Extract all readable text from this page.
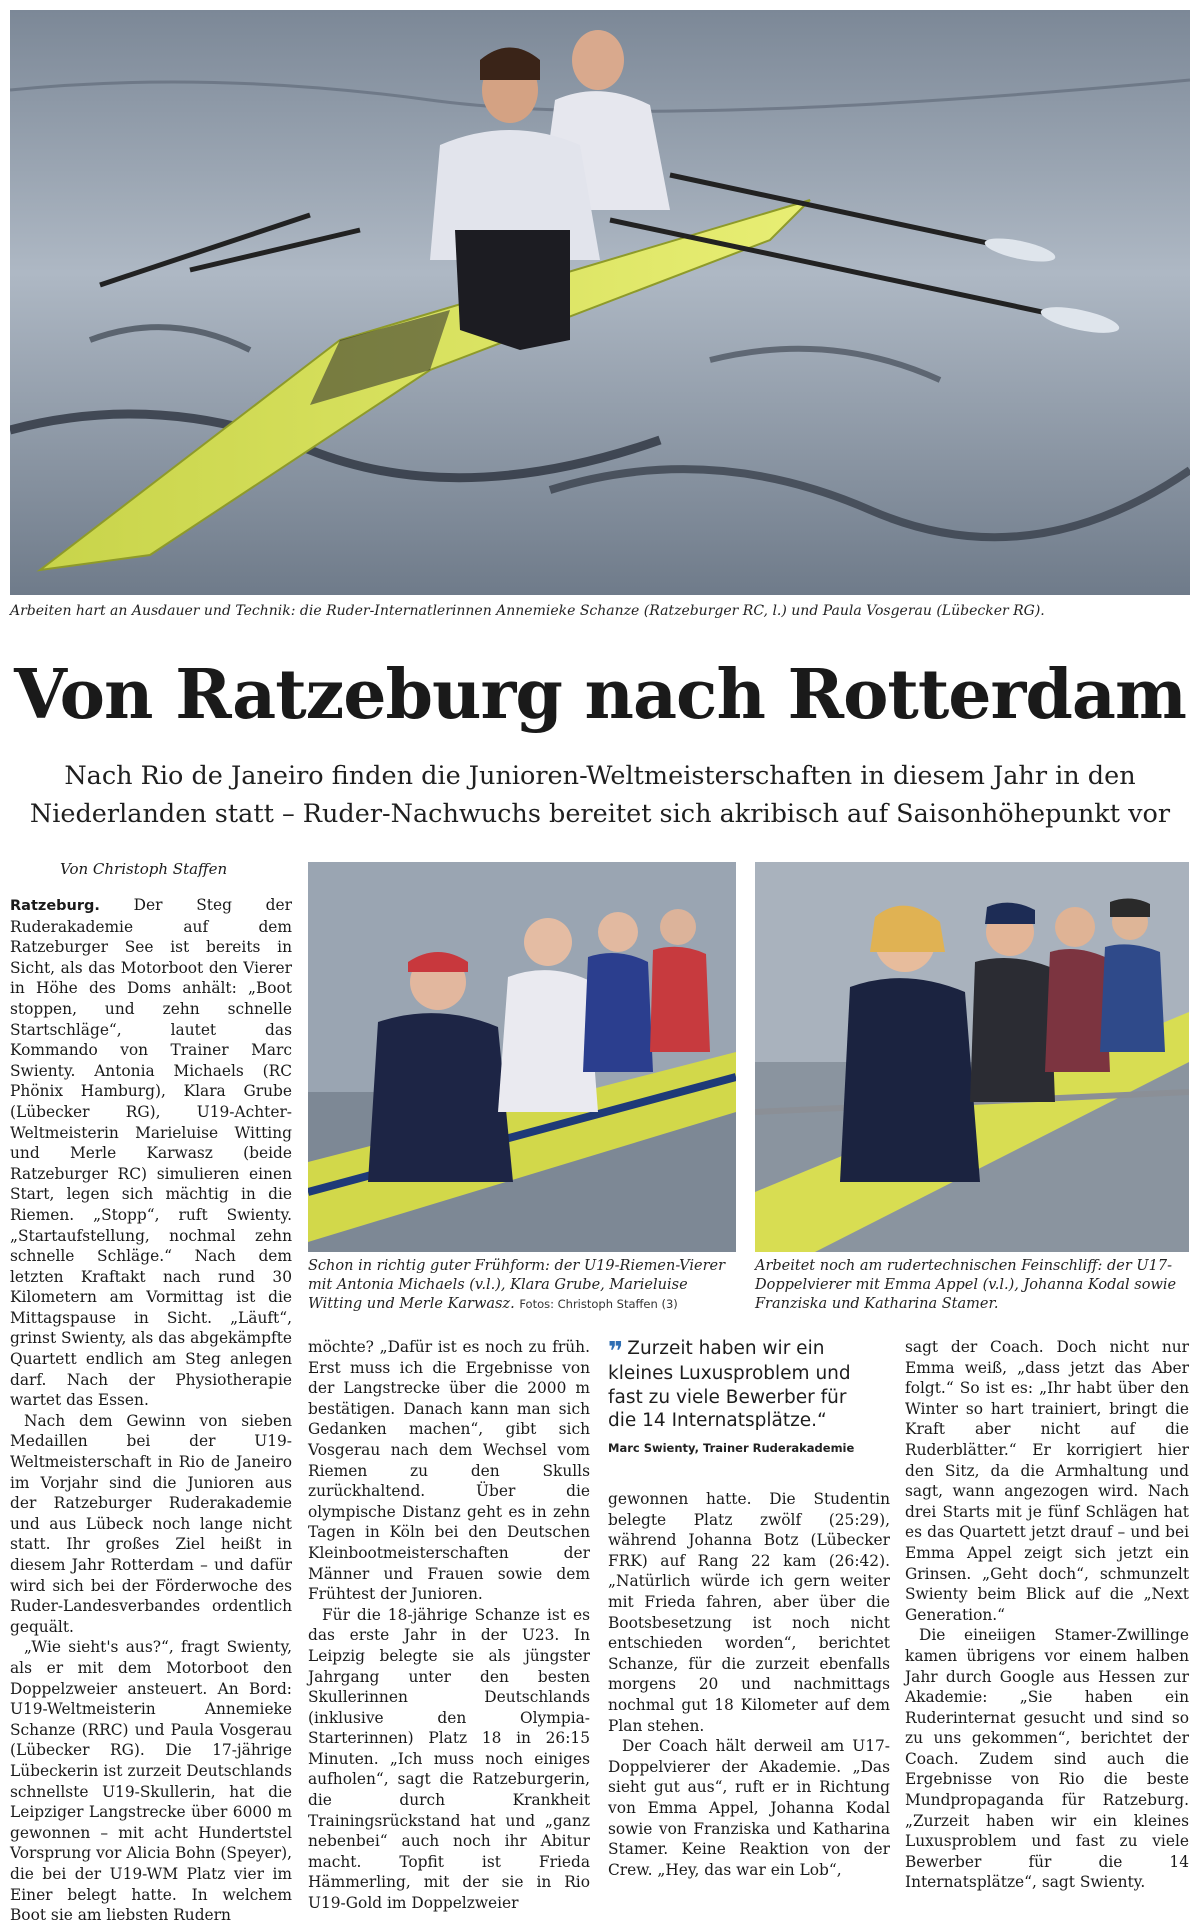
Arbeiten hart an Ausdauer und Technik: die Ruder-Internatlerinnen Annemieke Schanze (Ratzeburger RC, l.) und Paula Vosgerau (Lübecker RG).
Von Ratzeburg nach Rotterdam

Nach Rio de Janeiro finden die Junioren-Weltmeisterschaften in diesem Jahr in den Niederlanden statt – Ruder-Nachwuchs bereitet sich akribisch auf Saisonhöhepunkt vor

Von Christoph Staffen

Ratzeburg. Der Steg der Ruderakademie auf dem Ratzeburger See ist bereits in Sicht, als das Motorboot den Vierer in Höhe des Doms anhält: „Boot stoppen, und zehn schnelle Startschläge“, lautet das Kommando von Trainer Marc Swienty. Antonia Michaels (RC Phönix Hamburg), Klara Grube (Lübecker RG), U19-Achter-Weltmeisterin Marieluise Witting und Merle Karwasz (beide Ratzeburger RC) simulieren einen Start, legen sich mächtig in die Riemen. „Stopp“, ruft Swienty. „Startaufstellung, nochmal zehn schnelle Schläge.“ Nach dem letzten Kraftakt nach rund 30 Kilometern am Vormittag ist die Mittagspause in Sicht. „Läuft“, grinst Swienty, als das abgekämpfte Quartett endlich am Steg anlegen darf. Nach der Physiotherapie wartet das Essen.

Nach dem Gewinn von sieben Medaillen bei der U19-Weltmeisterschaft in Rio de Janeiro im Vorjahr sind die Junioren aus der Ratzeburger Ruderakademie und aus Lübeck noch lange nicht statt. Ihr großes Ziel heißt in diesem Jahr Rotterdam – und dafür wird sich bei der Förderwoche des Ruder-Landesverbandes ordentlich gequält.

„Wie sieht's aus?“, fragt Swienty, als er mit dem Motorboot den Doppelzweier ansteuert. An Bord: U19-Weltmeisterin Annemieke Schanze (RRC) und Paula Vosgerau (Lübecker RG). Die 17-jährige Lübeckerin ist zurzeit Deutschlands schnellste U19-Skullerin, hat die Leipziger Langstrecke über 6000 m gewonnen – mit acht Hundertstel Vorsprung vor Alicia Bohn (Speyer), die bei der U19-WM Platz vier im Einer belegt hatte. In welchem Boot sie am liebsten Rudern

Schon in richtig guter Frühform: der U19-Riemen-Vierer mit Antonia Michaels (v.l.), Klara Grube, Marieluise Witting und Merle Karwasz. Fotos: Christoph Staffen (3)
Arbeitet noch am rudertechnischen Feinschliff: der U17-Doppelvierer mit Emma Appel (v.l.), Johanna Kodal sowie Franziska und Katharina Stamer.

möchte? „Dafür ist es noch zu früh. Erst muss ich die Ergebnisse von der Langstrecke über die 2000 m bestätigen. Danach kann man sich Gedanken machen“, gibt sich Vosgerau nach dem Wechsel vom Riemen zu den Skulls zurückhaltend. Über die olympische Distanz geht es in zehn Tagen in Köln bei den Deutschen Kleinbootmeisterschaften der Männer und Frauen sowie dem Frühtest der Junioren.

Für die 18-jährige Schanze ist es das erste Jahr in der U23. In Leipzig belegte sie als jüngster Jahrgang unter den besten Skullerinnen Deutschlands (inklusive den Olympia-Starterinnen) Platz 18 in 26:15 Minuten. „Ich muss noch einiges aufholen“, sagt die Ratzeburgerin, die durch Krankheit Trainingsrückstand hat und „ganz nebenbei“ auch noch ihr Abitur macht. Topfit ist Frieda Hämmerling, mit der sie in Rio U19-Gold im Doppelzweier

❞ Zurzeit haben wir ein kleines Luxusproblem und fast zu viele Bewerber für die 14 Internatsplätze.“
Marc Swienty, Trainer Ruderakademie

gewonnen hatte. Die Studentin belegte Platz zwölf (25:29), während Johanna Botz (Lübecker FRK) auf Rang 22 kam (26:42). „Natürlich würde ich gern weiter mit Frieda fahren, aber über die Bootsbesetzung ist noch nicht entschieden worden“, berichtet Schanze, für die zurzeit ebenfalls morgens 20 und nachmittags nochmal gut 18 Kilometer auf dem Plan stehen.

Der Coach hält derweil am U17-Doppelvierer der Akademie. „Das sieht gut aus“, ruft er in Richtung von Emma Appel, Johanna Kodal sowie von Franziska und Katharina Stamer. Keine Reaktion von der Crew. „Hey, das war ein Lob“,

sagt der Coach. Doch nicht nur Emma weiß, „dass jetzt das Aber folgt.“ So ist es: „Ihr habt über den Winter so hart trainiert, bringt die Kraft aber nicht auf die Ruderblätter.“ Er korrigiert hier den Sitz, da die Armhaltung und sagt, wann angezogen wird. Nach drei Starts mit je fünf Schlägen hat es das Quartett jetzt drauf – und bei Emma Appel zeigt sich jetzt ein Grinsen. „Geht doch“, schmunzelt Swienty beim Blick auf die „Next Generation.“

Die eineiigen Stamer-Zwillinge kamen übrigens vor einem halben Jahr durch Google aus Hessen zur Akademie: „Sie haben ein Ruderinternat gesucht und sind so zu uns gekommen“, berichtet der Coach. Zudem sind auch die Ergebnisse von Rio die beste Mundpropaganda für Ratzeburg. „Zurzeit haben wir ein kleines Luxusproblem und fast zu viele Bewerber für die 14 Internatsplätze“, sagt Swienty.
